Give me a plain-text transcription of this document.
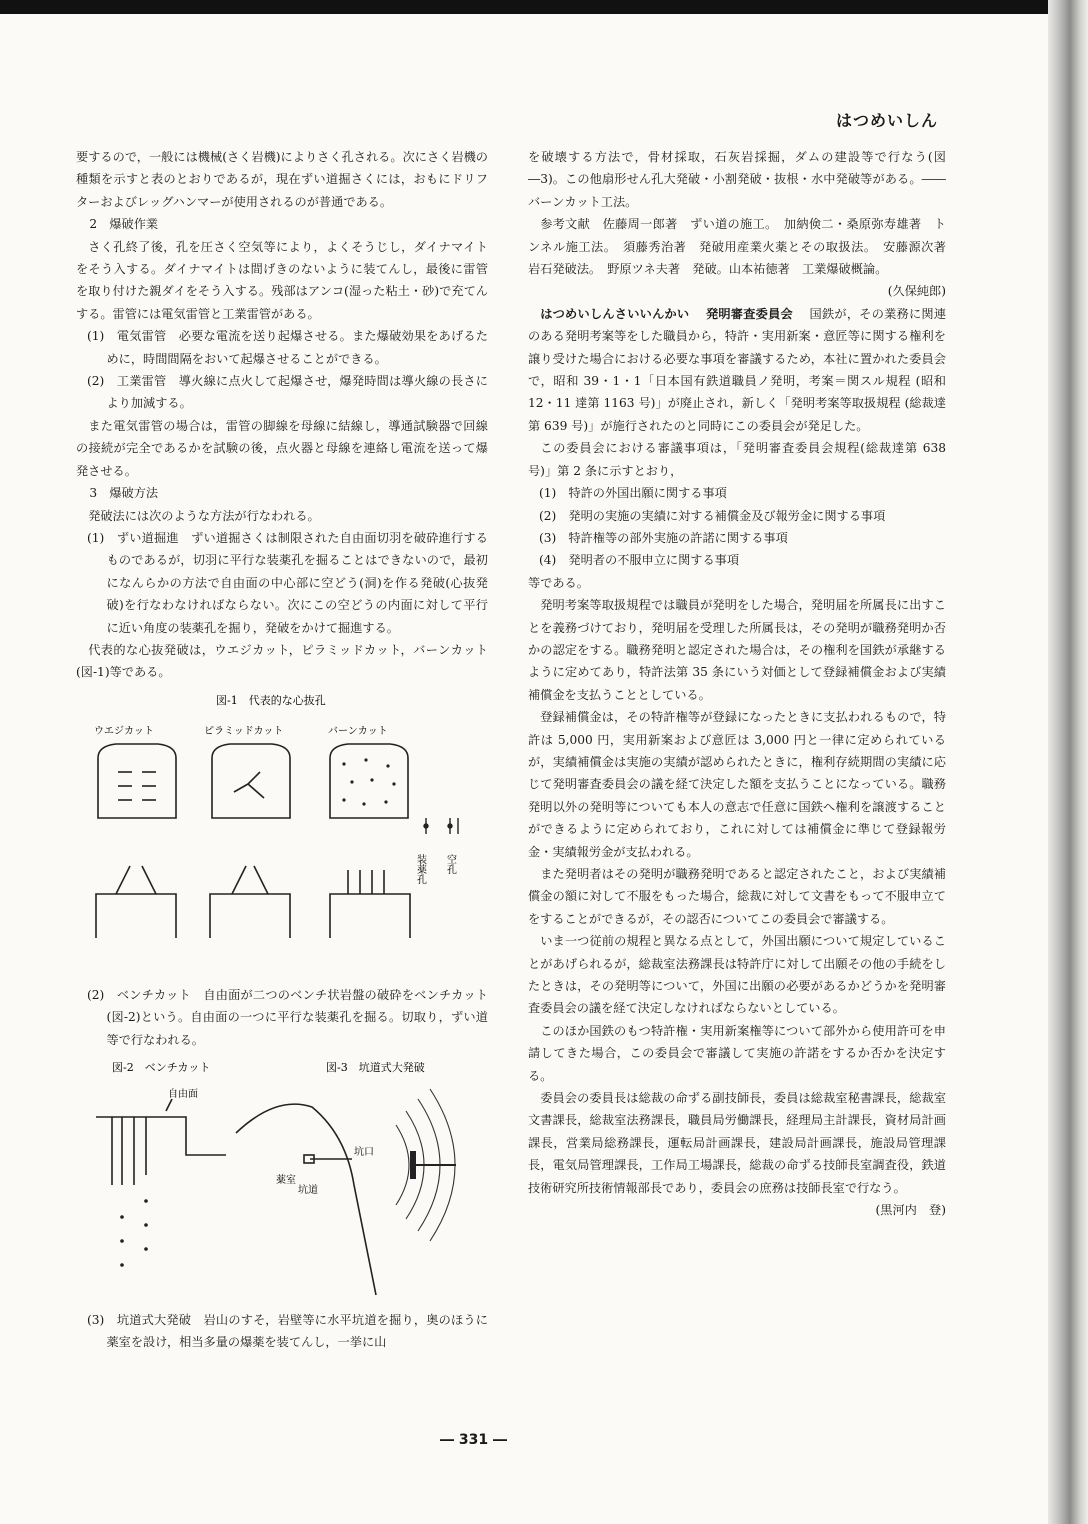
はつめいしん

要するので，一般には機械(さく岩機)によりさく孔される。次にさく岩機の種類を示すと表のとおりであるが，現在ずい道掘さくには，おもにドリフターおよびレッグハンマーが使用されるのが普通である。

2　爆破作業

さく孔終了後，孔を圧さく空気等により，よくそうじし，ダイナマイトをそう入する。ダイナマイトは間げきのないように装てんし，最後に雷管を取り付けた親ダイをそう入する。残部はアンコ(湿った粘土・砂)で充てんする。雷管には電気雷管と工業雷管がある。

(1)　電気雷管　必要な電流を送り起爆させる。また爆破効果をあげるために，時間間隔をおいて起爆させることができる。

(2)　工業雷管　導火線に点火して起爆させ，爆発時間は導火線の長さにより加減する。

また電気雷管の場合は，雷管の脚線を母線に結線し，導通試験器で回線の接続が完全であるかを試験の後，点火器と母線を連絡し電流を送って爆発させる。

3　爆破方法

発破法には次のような方法が行なわれる。

(1)　ずい道掘進　ずい道掘さくは制限された自由面切羽を破砕進行するものであるが，切羽に平行な装薬孔を掘ることはできないので，最初になんらかの方法で自由面の中心部に空どう(洞)を作る発破(心抜発破)を行なわなければならない。次にこの空どうの内面に対して平行に近い角度の装薬孔を掘り，発破をかけて掘進する。

代表的な心抜発破は，ウエジカット，ピラミッドカット，バーンカット(図-1)等である。

図-1　代表的な心抜孔
ウエジカット	ピラミッドカット	バーンカット
装薬孔 空孔

(2)　ベンチカット　自由面が二つのベンチ状岩盤の破砕をベンチカット(図-2)という。自由面の一つに平行な装薬孔を掘る。切取り，ずい道等で行なわれる。

図-2　ベンチカット	図-3　坑道式大発破
自由面
坑口
薬室
坑道

(3)　坑道式大発破　岩山のすそ，岩壁等に水平坑道を掘り，奥のほうに薬室を設け，相当多量の爆薬を装てんし，一挙に山

を破壊する方法で，骨材採取，石灰岩採掘，ダムの建設等で行なう(図―3)。この他扇形せん孔大発破・小割発破・抜根・水中発破等がある。――バーンカット工法。

参考文献　佐藤周一郎著　ずい道の施工。　加納倹二・桑原弥寿雄著　トンネル施工法。　須藤秀治著　発破用産業火薬とその取扱法。　安藤源次著　岩石発破法。　野原ツネ夫著　発破。山本祐徳著　工業爆破概論。

(久保純郎)

はつめいしんさいいんかい　 発明審査委員会　 国鉄が，その業務に関連のある発明考案等をした職員から，特許・実用新案・意匠等に関する権利を譲り受けた場合における必要な事項を審議するため，本社に置かれた委員会で，昭和 39・1・1「日本国有鉄道職員ノ発明，考案＝関スル規程 (昭和 12・11 達第 1163 号)」が廃止され，新しく「発明考案等取扱規程 (総裁達第 639 号)」が施行されたのと同時にこの委員会が発足した。

この委員会における審議事項は，「発明審査委員会規程(総裁達第 638 号)」第 2 条に示すとおり，

(1)　特許の外国出願に関する事項

(2)　発明の実施の実績に対する補償金及び報労金に関する事項

(3)　特許権等の部外実施の許諾に関する事項

(4)　発明者の不服申立に関する事項

等である。

発明考案等取扱規程では職員が発明をした場合，発明届を所属長に出すことを義務づけており，発明届を受理した所属長は，その発明が職務発明か否かの認定をする。職務発明と認定された場合は，その権利を国鉄が承継するように定めてあり，特許法第 35 条にいう対価として登録補償金および実績補償金を支払うこととしている。

登録補償金は，その特許権等が登録になったときに支払われるもので，特許は 5,000 円，実用新案および意匠は 3,000 円と一律に定められているが，実績補償金は実施の実績が認められたときに，権利存続期間の実績に応じて発明審査委員会の議を経て決定した額を支払うことになっている。職務発明以外の発明等についても本人の意志で任意に国鉄へ権利を譲渡することができるように定められており，これに対しては補償金に準じて登録報労金・実績報労金が支払われる。

また発明者はその発明が職務発明であると認定されたこと，および実績補償金の額に対して不服をもった場合，総裁に対して文書をもって不服申立てをすることができるが，その認否についてこの委員会で審議する。

いま一つ従前の規程と異なる点として，外国出願について規定していることがあげられるが，総裁室法務課長は特許庁に対して出願その他の手続をしたときは，その発明等について，外国に出願の必要があるかどうかを発明審査委員会の議を経て決定しなければならないとしている。

このほか国鉄のもつ特許権・実用新案権等について部外から使用許可を申請してきた場合，この委員会で審議して実施の許諾をするか否かを決定する。

委員会の委員長は総裁の命ずる副技師長，委員は総裁室秘書課長，総裁室文書課長，総裁室法務課長，職員局労働課長，経理局主計課長，資材局計画課長，営業局総務課長，運転局計画課長，建設局計画課長，施設局管理課長，電気局管理課長，工作局工場課長，総裁の命ずる技師長室調査役，鉄道技術研究所技術情報部長であり，委員会の庶務は技師長室で行なう。

(黒河内　登)

― 331 ―
